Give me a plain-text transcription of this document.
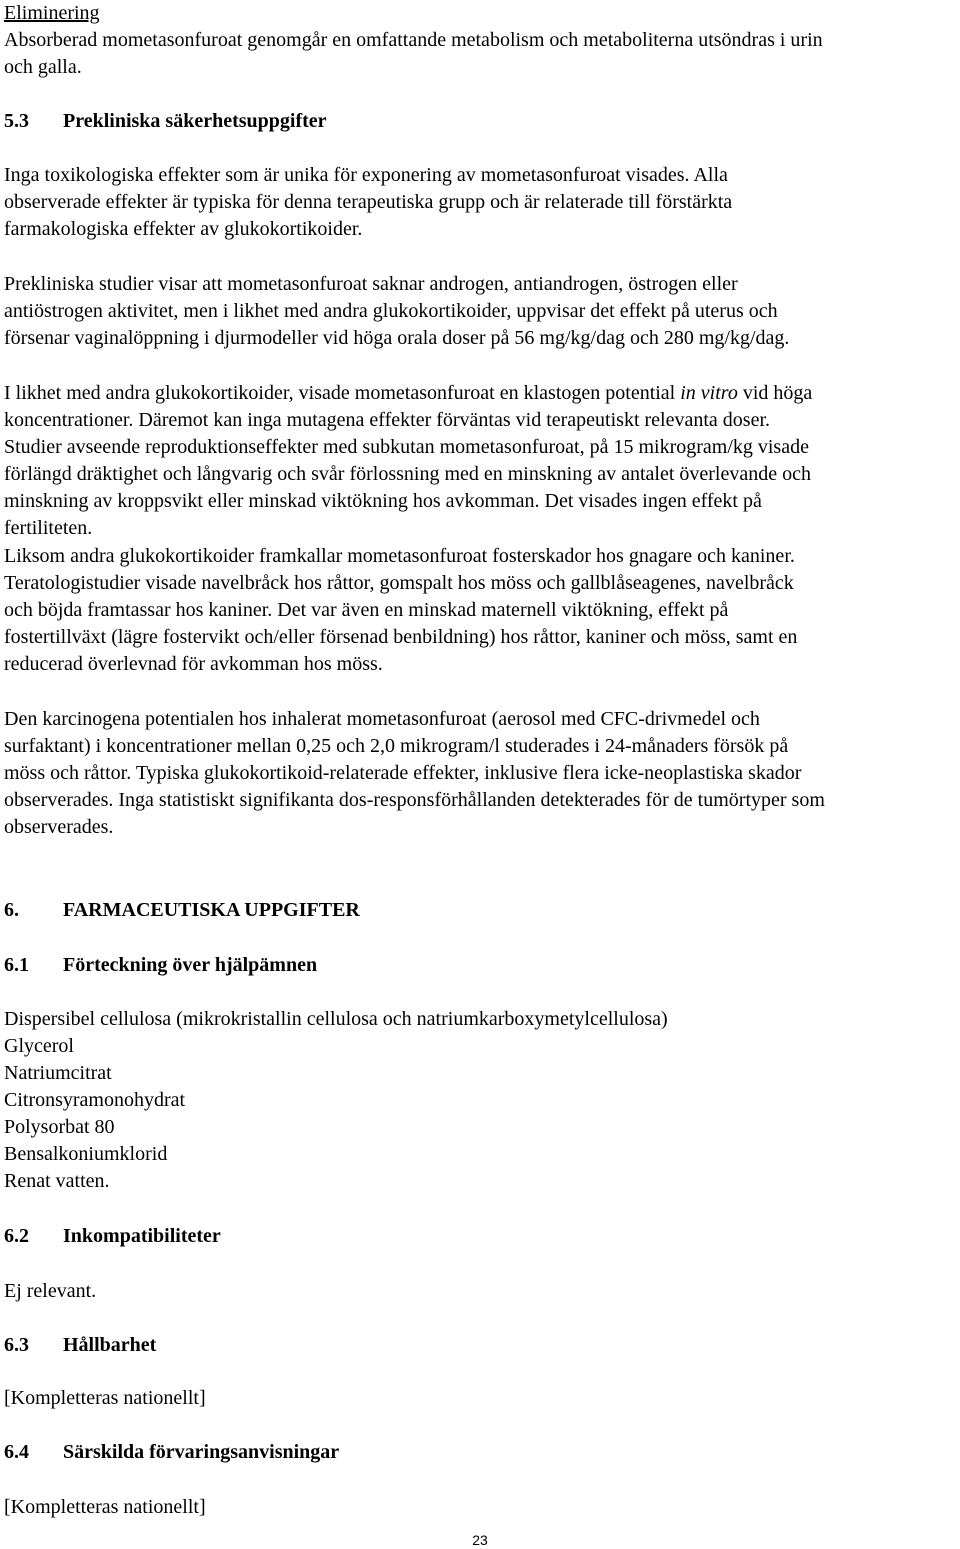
Eliminering
Absorberad mometasonfuroat genomgår en omfattande metabolism och metaboliterna utsöndras i urin
och galla.
5.3 Prekliniska säkerhetsuppgifter
Inga toxikologiska effekter som är unika för exponering av mometasonfuroat visades. Alla
observerade effekter är typiska för denna terapeutiska grupp och är relaterade till förstärkta
farmakologiska effekter av glukokortikoider.
Prekliniska studier visar att mometasonfuroat saknar androgen, antiandrogen, östrogen eller
antiöstrogen aktivitet, men i likhet med andra glukokortikoider, uppvisar det effekt på uterus och
försenar vaginalöppning i djurmodeller vid höga orala doser på 56 mg/kg/dag och 280 mg/kg/dag.
I likhet med andra glukokortikoider, visade mometasonfuroat en klastogen potential in vitro vid höga
koncentrationer. Däremot kan inga mutagena effekter förväntas vid terapeutiskt relevanta doser.
Studier avseende reproduktionseffekter med subkutan mometasonfuroat, på 15 mikrogram/kg visade
förlängd dräktighet och långvarig och svår förlossning med en minskning av antalet överlevande och
minskning av kroppsvikt eller minskad viktökning hos avkomman. Det visades ingen effekt på
fertiliteten.
Liksom andra glukokortikoider framkallar mometasonfuroat fosterskador hos gnagare och kaniner.
Teratologistudier visade navelbråck hos råttor, gomspalt hos möss och gallblåseagenes, navelbråck
och böjda framtassar hos kaniner. Det var även en minskad maternell viktökning, effekt på
fostertillväxt (lägre fostervikt och/eller försenad benbildning) hos råttor, kaniner och möss, samt en
reducerad överlevnad för avkomman hos möss.
Den karcinogena potentialen hos inhalerat mometasonfuroat (aerosol med CFC-drivmedel och
surfaktant) i koncentrationer mellan 0,25 och 2,0 mikrogram/l studerades i 24-månaders försök på
möss och råttor. Typiska glukokortikoid-relaterade effekter, inklusive flera icke-neoplastiska skador
observerades. Inga statistiskt signifikanta dos-responsförhållanden detekterades för de tumörtyper som
observerades.
6. FARMACEUTISKA UPPGIFTER
6.1 Förteckning över hjälpämnen
Dispersibel cellulosa (mikrokristallin cellulosa och natriumkarboxymetylcellulosa)
Glycerol
Natriumcitrat
Citronsyramonohydrat
Polysorbat 80
Bensalkoniumklorid
Renat vatten.
6.2 Inkompatibiliteter
Ej relevant.
6.3 Hållbarhet
[Kompletteras nationellt]
6.4 Särskilda förvaringsanvisningar
[Kompletteras nationellt]
23
